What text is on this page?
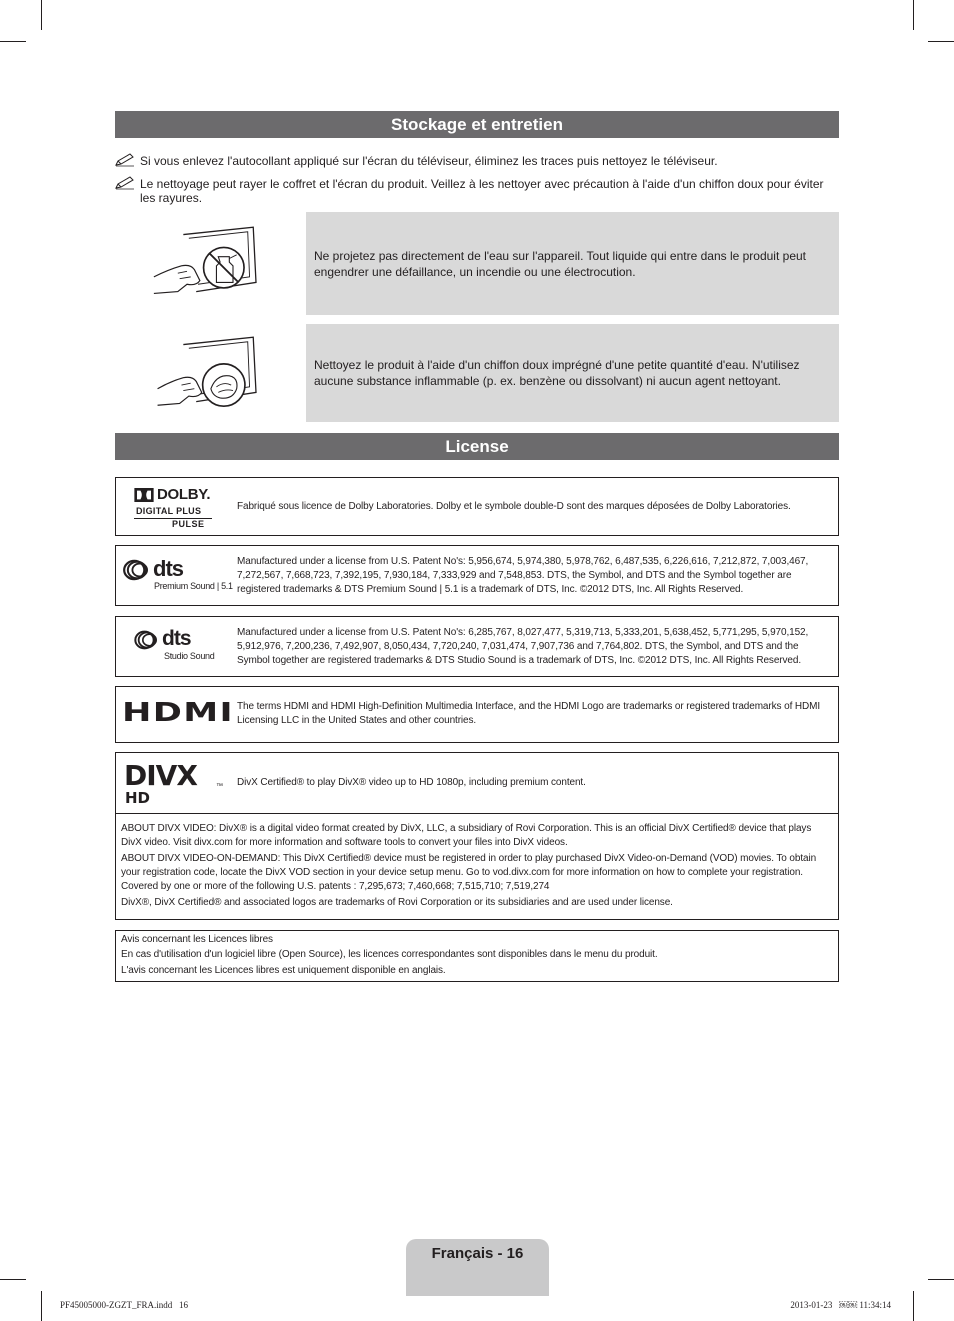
Stockage et entretien
Si vous enlevez l'autocollant appliqué sur l'écran du téléviseur, éliminez les traces puis nettoyez le téléviseur.
Le nettoyage peut rayer le coffret et l'écran du produit. Veillez à les nettoyer avec précaution à l'aide d'un chiffon doux pour éviter les rayures.
Ne projetez pas directement de l'eau sur l'appareil. Tout liquide qui entre dans le produit peut engendrer une défaillance, un incendie ou une électrocution.
Nettoyez le produit à l'aide d'un chiffon doux imprégné d'une petite quantité d'eau. N'utilisez aucune substance inflammable (p. ex. benzène ou dissolvant) ni aucun agent nettoyant.
License
DOLBY.
DIGITAL PLUS
PULSE
Fabriqué sous licence de Dolby Laboratories. Dolby et le symbole double-D sont des marques déposées de Dolby Laboratories.
dts
Premium Sound | 5.1
Manufactured under a license from U.S. Patent No's: 5,956,674, 5,974,380, 5,978,762, 6,487,535, 6,226,616, 7,212,872, 7,003,467, 7,272,567, 7,668,723, 7,392,195, 7,930,184, 7,333,929 and 7,548,853. DTS, the Symbol, and DTS and the Symbol together are registered trademarks & DTS Premium Sound | 5.1 is a trademark of DTS, Inc. ©2012 DTS, Inc. All Rights Reserved.
dts
Studio Sound
Manufactured under a license from U.S. Patent No's: 6,285,767, 8,027,477, 5,319,713, 5,333,201, 5,638,452, 5,771,295, 5,970,152, 5,912,976, 7,200,236, 7,492,907, 8,050,434, 7,720,240, 7,031,474, 7,907,736 and 7,764,802. DTS, the Symbol, and DTS and the Symbol together are registered trademarks & DTS Studio Sound is a trademark of DTS, Inc. ©2012 DTS, Inc. All Rights Reserved.
HDMI The terms HDMI and HDMI High-Definition Multimedia Interface, and the HDMI Logo are trademarks or registered trademarks of HDMI Licensing LLC in the United States and other countries.
DIVX
HD
™ DivX Certified® to play DivX® video up to HD 1080p, including premium content.

ABOUT DIVX VIDEO: DivX® is a digital video format created by DivX, LLC, a subsidiary of Rovi Corporation. This is an official DivX Certified® device that plays DivX video. Visit divx.com for more information and software tools to convert your files into DivX videos.

ABOUT DIVX VIDEO-ON-DEMAND: This DivX Certified® device must be registered in order to play purchased DivX Video-on-Demand (VOD) movies. To obtain your registration code, locate the DivX VOD section in your device setup menu. Go to vod.divx.com for more information on how to complete your registration.

Covered by one or more of the following U.S. patents : 7,295,673; 7,460,668; 7,515,710; 7,519,274

DivX®, DivX Certified® and associated logos are trademarks of Rovi Corporation or its subsidiaries and are used under license.

Avis concernant les Licences libres

En cas d'utilisation d'un logiciel libre (Open Source), les licences correspondantes sont disponibles dans le menu du produit.

L'avis concernant les Licences libres est uniquement disponible en anglais.

Français - 16
PF45005000-ZGZT_FRA.indd   16	2013-01-23   ￼￼ 11:34:14
